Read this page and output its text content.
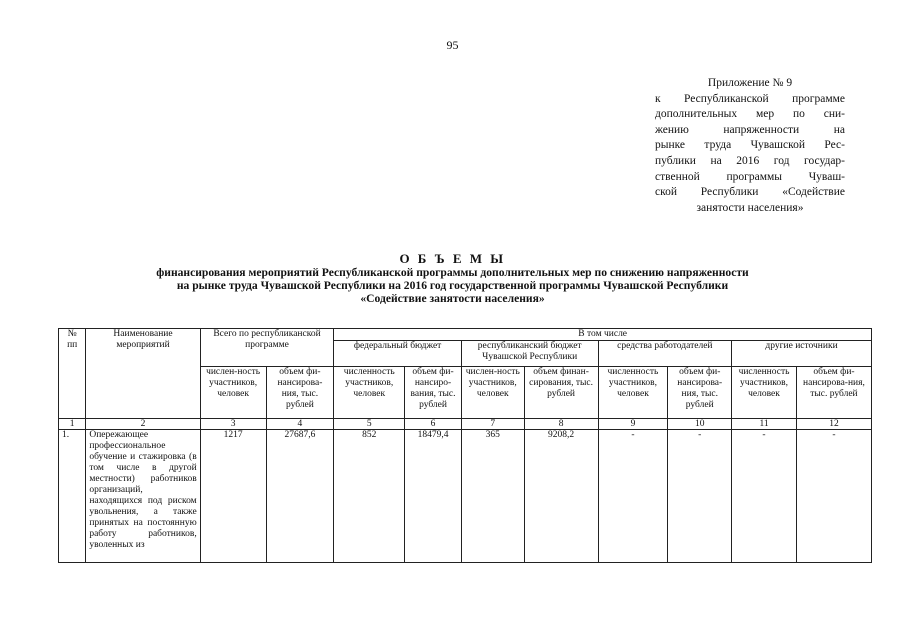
95
Приложение № 9
к Республиканской программе
дополнительных мер по сни-
жению напряженности на
рынке труда Чувашской Рес-
публики на 2016 год государ-
ственной программы Чуваш-
ской Республики «Содействие
занятости населения»
О Б Ъ Е М Ы
финансирования мероприятий Республиканской программы дополнительных мер по снижению напряженности
на рынке труда Чувашской Республики на 2016 год государственной программы Чувашской Республики
«Содействие занятости населения»
№ пп	Наименование мероприятий	Всего по республиканской программе		В том числе							
				федеральный бюджет		республиканский бюджет Чувашской Республики		средства работодателей		другие источники	
		числен-ность участников, человек	объем фи-нансирова-ния, тыс. рублей	численность участников, человек	объем фи-нансиро-вания, тыс. рублей	числен-ность участников, человек	объем финан-сирования, тыс. рублей	численность участников, человек	объем фи-нансирова-ния, тыс. рублей	численность участников, человек	объем фи-нансирова-ния, тыс. рублей
1	2	3	4	5	6	7	8	9	10	11	12
1.	Опережающее профессиональное обучение и стажировка (в том числе в другой местности) работников организаций, находящихся под риском увольнения, а также принятых на постоянную работу работников, уволенных из	1217	27687,6	852	18479,4	365	9208,2	-	-	-	-
